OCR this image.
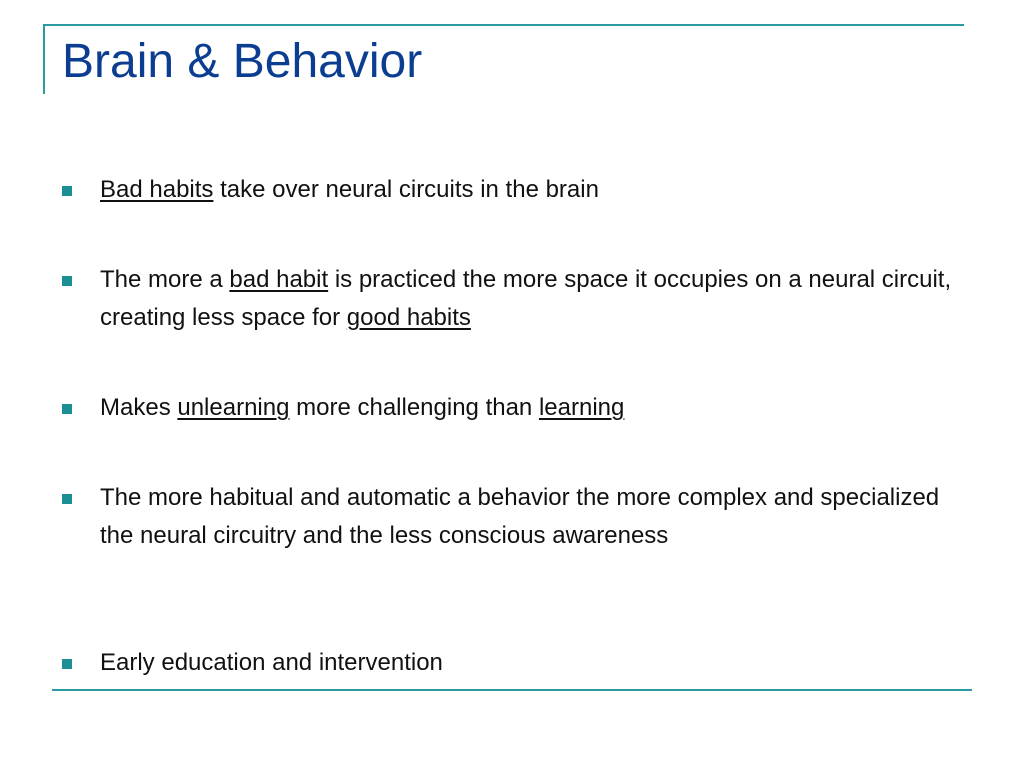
Brain & Behavior
Bad habits take over neural circuits in the brain
The more a bad habit is practiced the more space it occupies on a neural circuit, creating less space for good habits
Makes unlearning more challenging than learning
The more habitual and automatic a behavior the more complex and specialized the neural circuitry and the less conscious awareness
Early education and intervention
